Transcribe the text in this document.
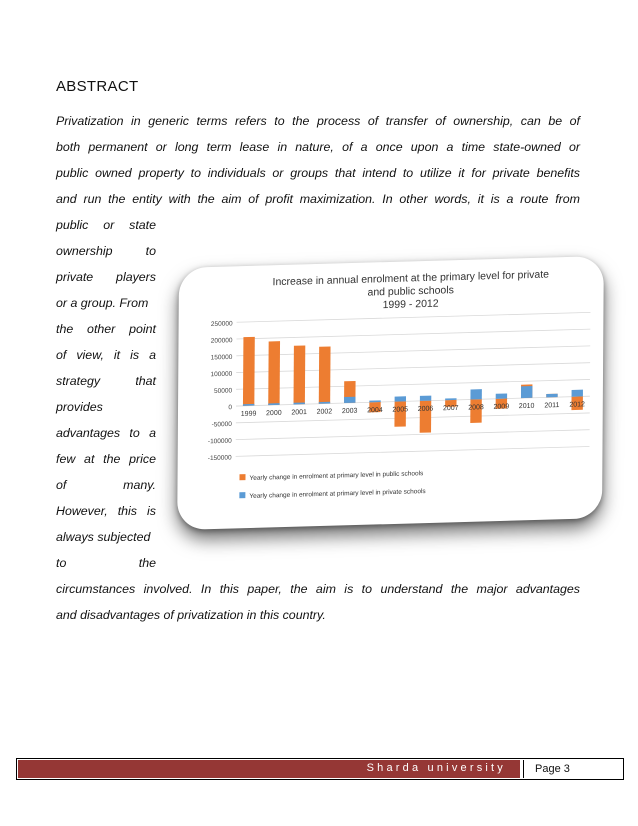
ABSTRACT
Privatization in generic terms refers to the process of transfer of ownership, can be of
both permanent or long term lease in nature, of a once upon a time state-owned or
public owned property to individuals or groups that intend to utilize it for private benefits
and run the entity with the aim of profit maximization. In other words, it is a route from
public or state
ownership to
private players
or a group. From
the other point
of view, it is a
strategy that
provides
advantages to a
few at the price
of many.
However, this is
always subjected
to the
circumstances involved. In this paper, the aim is to understand the major advantages
and disadvantages of privatization in this country.
Increase in annual enrolment at the primary level for private
and public schools
1999 - 2012
250000
200000
150000
100000
50000
0
-50000
-100000
-150000
1999 2000 2001 2002 2003 2004 2005 2006 2007 2008 2009 2010 2011 2012
Yearly change in enrolment at primary level in public schools
Yearly change in enrolment at primary level in private schools
Sharda university	Page 3
